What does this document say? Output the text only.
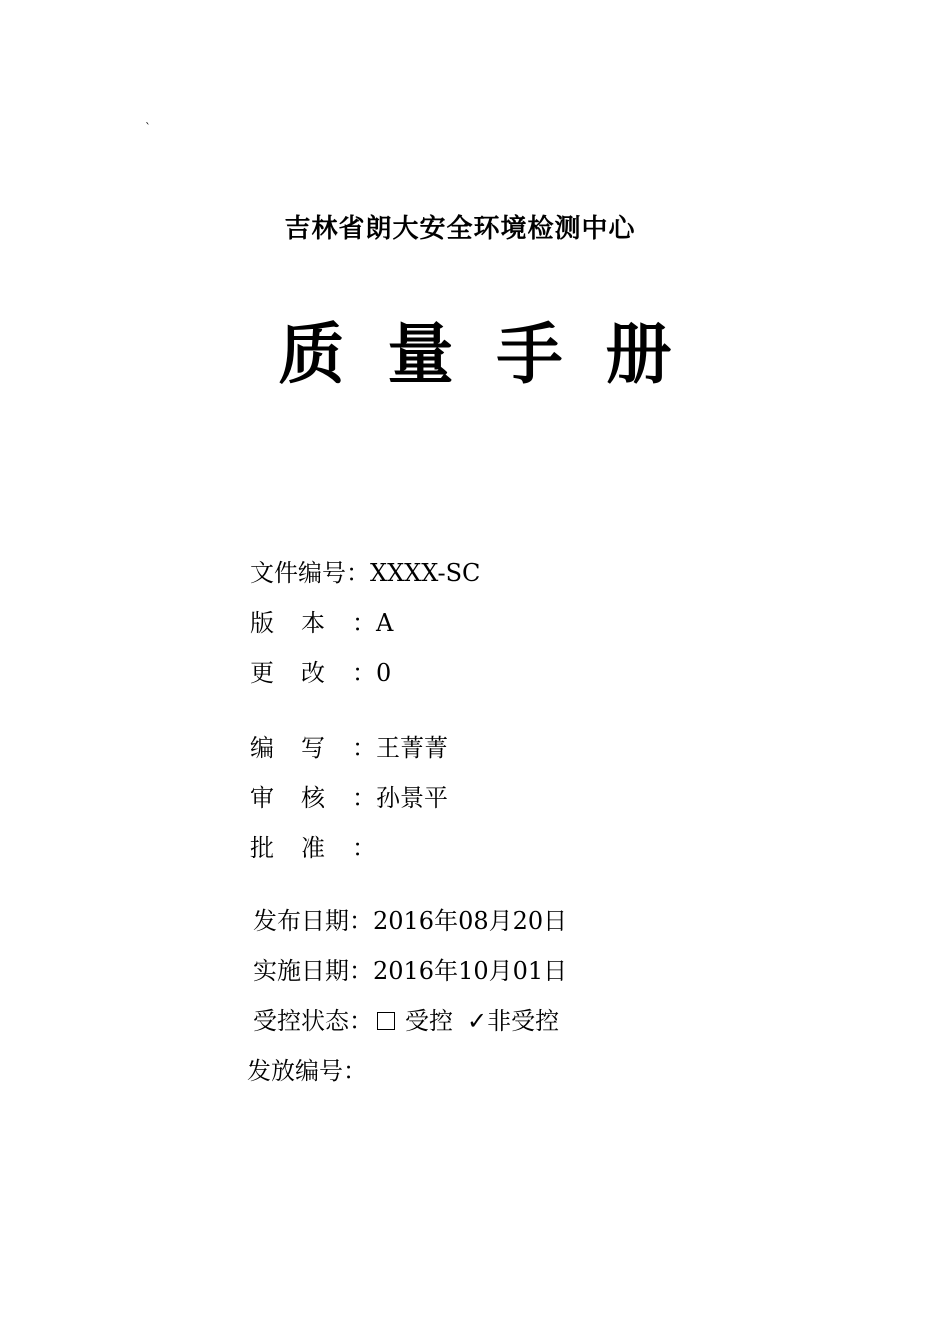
`
吉林省朗大安全环境检测中心
质 量 手 册
文件编号：XXXX-SC
版本：A
更改：0
编写：王菁菁
审核：孙景平
批准：
发布日期：2016年08月20日
实施日期：2016年10月01日
受控状态： 受控 ✓非受控
发放编号：
